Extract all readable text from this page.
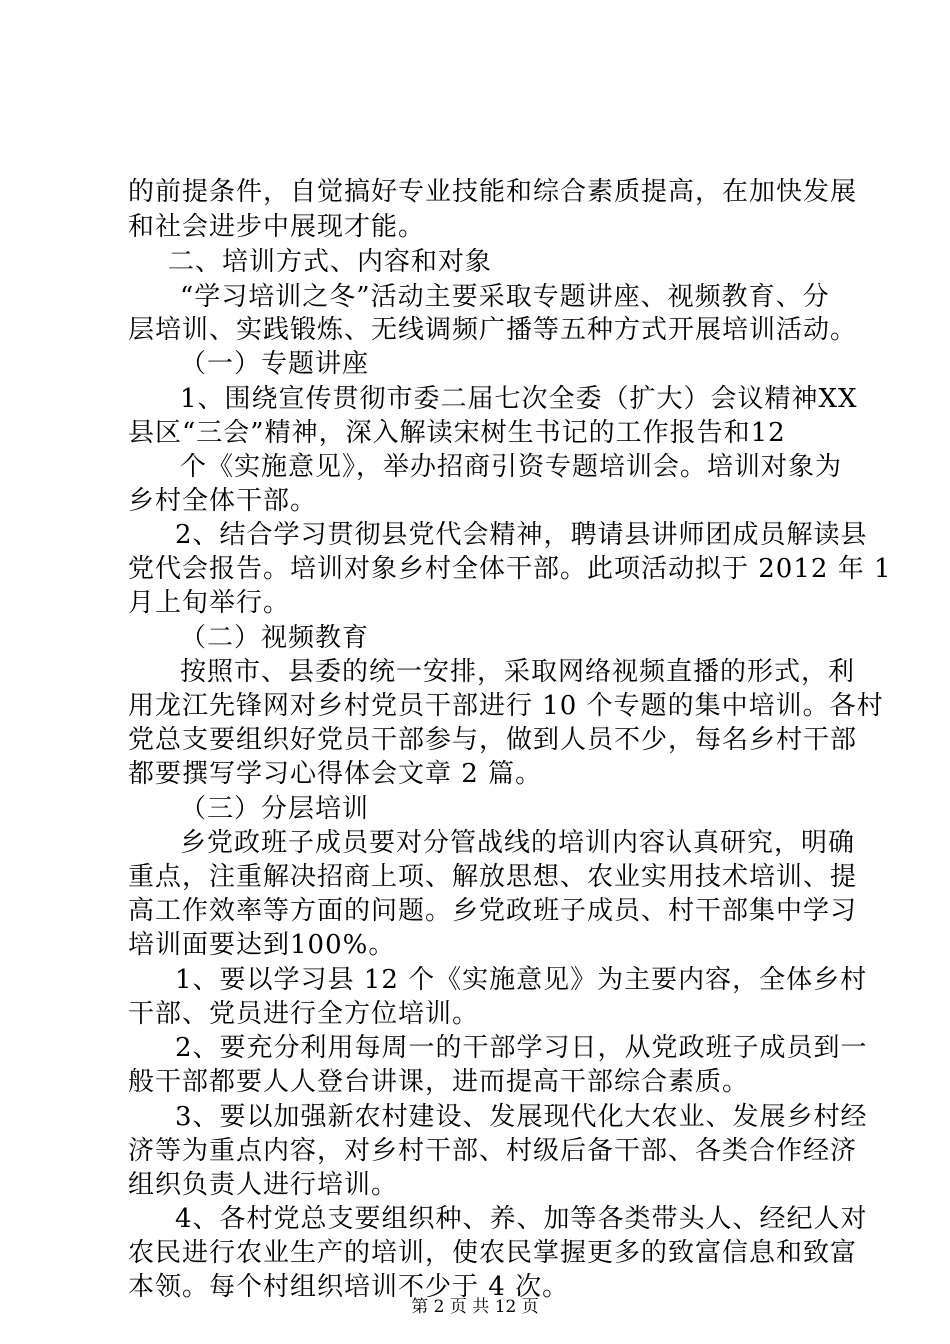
的前提条件，自觉搞好专业技能和综合素质提高，在加快发展
和社会进步中展现才能。
二、培训方式、内容和对象
“学习培训之冬”活动主要采取专题讲座、视频教育、分
层培训、实践锻炼、无线调频广播等五种方式开展培训活动。
（一）专题讲座
1、围绕宣传贯彻市委二届七次全委（扩大）会议精神XX
县区“三会”精神，深入解读宋树生书记的工作报告和12
个《实施意见》，举办招商引资专题培训会。培训对象为
乡村全体干部。
2、结合学习贯彻县党代会精神，聘请县讲师团成员解读县
党代会报告。培训对象乡村全体干部。此项活动拟于 2012 年 1
月上旬举行。
（二）视频教育
按照市、县委的统一安排，采取网络视频直播的形式，利
用龙江先锋网对乡村党员干部进行 10 个专题的集中培训。各村
党总支要组织好党员干部参与，做到人员不少，每名乡村干部
都要撰写学习心得体会文章 2 篇。
（三）分层培训
乡党政班子成员要对分管战线的培训内容认真研究，明确
重点，注重解决招商上项、解放思想、农业实用技术培训、提
高工作效率等方面的问题。乡党政班子成员、村干部集中学习
培训面要达到100%。
1、要以学习县 12 个《实施意见》为主要内容，全体乡村
干部、党员进行全方位培训。
2、要充分利用每周一的干部学习日，从党政班子成员到一
般干部都要人人登台讲课，进而提高干部综合素质。
3、要以加强新农村建设、发展现代化大农业、发展乡村经
济等为重点内容，对乡村干部、村级后备干部、各类合作经济
组织负责人进行培训。
4、各村党总支要组织种、养、加等各类带头人、经纪人对
农民进行农业生产的培训，使农民掌握更多的致富信息和致富
本领。每个村组织培训不少于 4 次。
第 2 页 共 12 页
